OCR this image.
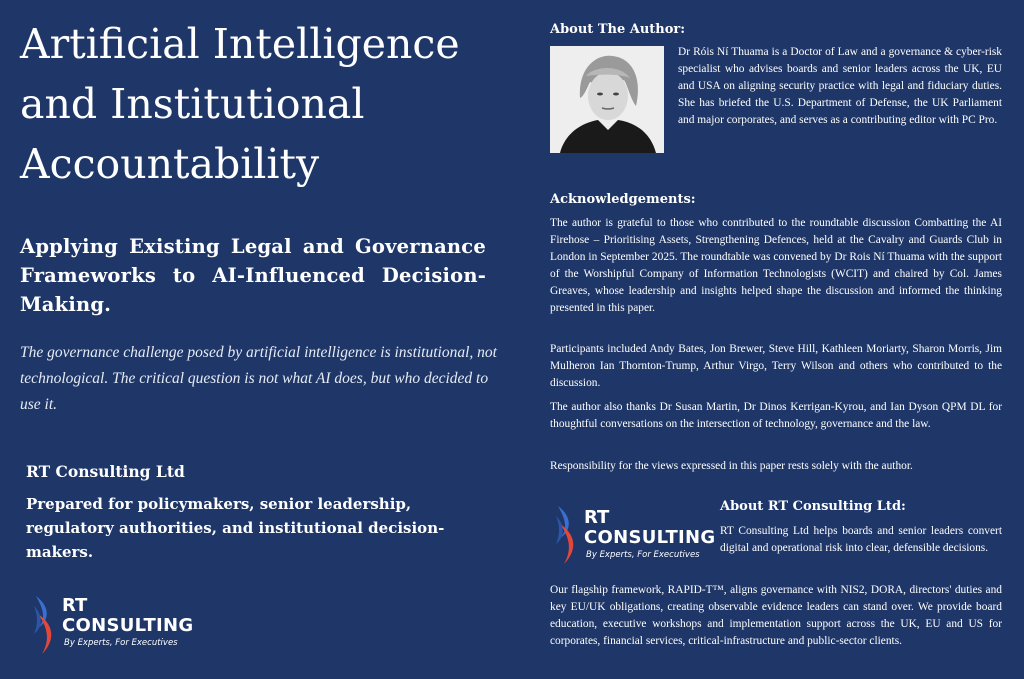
Artificial Intelligence and Institutional Accountability

Applying Existing Legal and Governance Frameworks to AI-Influenced Decision-Making.

The governance challenge posed by artificial intelligence is institutional, not technological. The critical question is not what AI does, but who decided to use it.

RT Consulting Ltd

Prepared for policymakers, senior leadership, regulatory authorities, and institutional decision-makers.

RT
CONSULTING
By Experts, For Executives

About The Author:

Dr Róis Ní Thuama is a Doctor of Law and a governance & cyber-risk specialist who advises boards and senior leaders across the UK, EU and USA on aligning security practice with legal and fiduciary duties. She has briefed the U.S. Department of Defense, the UK Parliament and major corporates, and serves as a contributing editor with PC Pro.

Acknowledgements:

The author is grateful to those who contributed to the roundtable discussion Combatting the AI Firehose – Prioritising Assets, Strengthening Defences, held at the Cavalry and Guards Club in London in September 2025. The roundtable was convened by Dr Rois Ní Thuama with the support of the Worshipful Company of Information Technologists (WCIT) and chaired by Col. James Greaves, whose leadership and insights helped shape the discussion and informed the thinking presented in this paper.

Participants included Andy Bates, Jon Brewer, Steve Hill, Kathleen Moriarty, Sharon Morris, Jim Mulheron Ian Thornton-Trump, Arthur Virgo, Terry Wilson and others who contributed to the discussion.

The author also thanks Dr Susan Martin, Dr Dinos Kerrigan-Kyrou, and Ian Dyson QPM DL for thoughtful conversations on the intersection of technology, governance and the law.

Responsibility for the views expressed in this paper rests solely with the author.

RT
CONSULTING
By Experts, For Executives

About RT Consulting Ltd:

RT Consulting Ltd helps boards and senior leaders convert digital and operational risk into clear, defensible decisions.

Our flagship framework, RAPID-T™, aligns governance with NIS2, DORA, directors' duties and key EU/UK obligations, creating observable evidence leaders can stand over. We provide board education, executive workshops and implementation support across the UK, EU and US for corporates, financial services, critical-infrastructure and public-sector clients.
